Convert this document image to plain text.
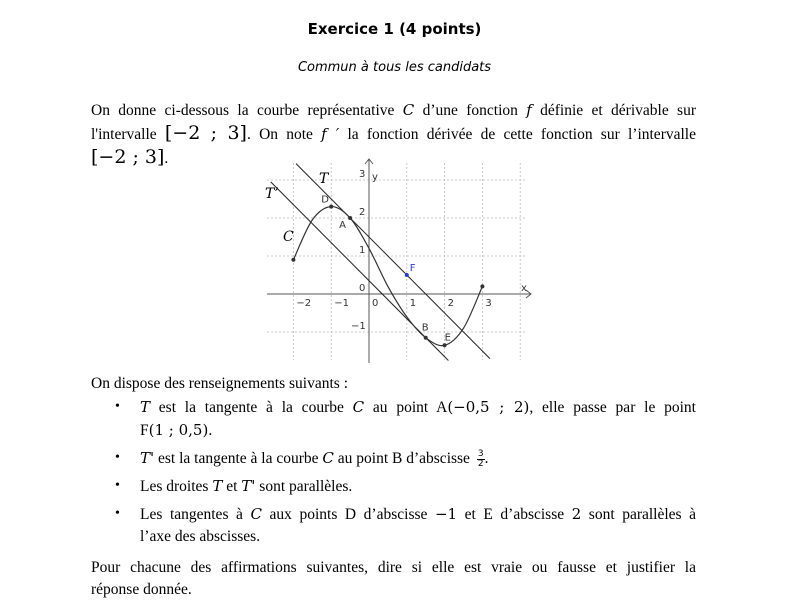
Exercice 1 (4 points)
Commun à tous les candidats
On donne ci-dessous la courbe représentative C d’une fonction f définie et dérivable sur
l'intervalle [−2 ; 3]. On note f ′ la fonction dérivée de cette fonction sur l’intervalle
[−2 ; 3].
−2 −1 0	1	2	3
−1
0
1
2
3
D
A
F
B
E
T
T’
C
x
y
On dispose des renseignements suivants :
• T est la tangente à la courbe C au point A(−0,5 ; 2), elle passe par le point
F(1 ; 0,5).
• T' est la tangente à la courbe C au point B d’abscisse $\frac{3}{2}$ .
• Les droites T et T' sont parallèles.
• Les tangentes à C aux points D d’abscisse −1 et E d’abscisse 2 sont parallèles à
l’axe des abscisses.
Pour chacune des affirmations suivantes, dire si elle est vraie ou fausse et justifier la
réponse donnée.
